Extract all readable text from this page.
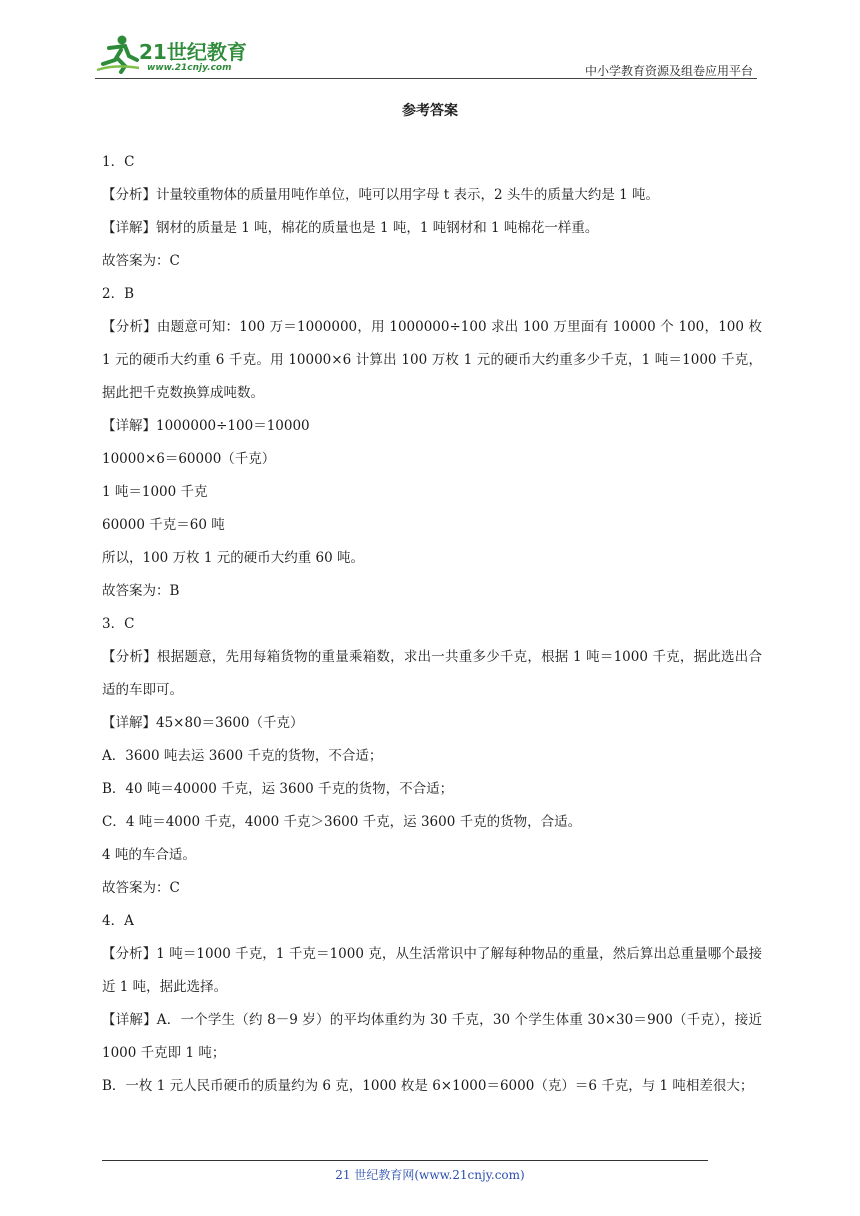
21世纪教育
www.21cnjy.com	中小学教育资源及组卷应用平台
参考答案

1．C

【分析】计量较重物体的质量用吨作单位，吨可以用字母 t 表示，2 头牛的质量大约是 1 吨。

【详解】钢材的质量是 1 吨，棉花的质量也是 1 吨，1 吨钢材和 1 吨棉花一样重。

故答案为：C

2．B

【分析】由题意可知：100 万＝1000000，用 1000000÷100 求出 100 万里面有 10000 个 100，100 枚 1 元的硬币大约重 6 千克。用 10000×6 计算出 100 万枚 1 元的硬币大约重多少千克，1 吨＝1000 千克，据此把千克数换算成吨数。

【详解】1000000÷100＝10000

10000×6＝60000（千克）

1 吨＝1000 千克

60000 千克＝60 吨

所以，100 万枚 1 元的硬币大约重 60 吨。

故答案为：B

3．C

【分析】根据题意，先用每箱货物的重量乘箱数，求出一共重多少千克，根据 1 吨＝1000 千克，据此选出合适的车即可。

【详解】45×80＝3600（千克）

A．3600 吨去运 3600 千克的货物，不合适；

B．40 吨＝40000 千克，运 3600 千克的货物，不合适；

C．4 吨＝4000 千克，4000 千克＞3600 千克，运 3600 千克的货物，合适。

4 吨的车合适。

故答案为：C

4．A

【分析】1 吨＝1000 千克，1 千克＝1000 克，从生活常识中了解每种物品的重量，然后算出总重量哪个最接近 1 吨，据此选择。

【详解】A．一个学生（约 8－9 岁）的平均体重约为 30 千克，30 个学生体重 30×30＝900（千克），接近 1000 千克即 1 吨；

B．一枚 1 元人民币硬币的质量约为 6 克，1000 枚是 6×1000＝6000（克）＝6 千克，与 1 吨相差很大；

21 世纪教育网(www.21cnjy.com)
